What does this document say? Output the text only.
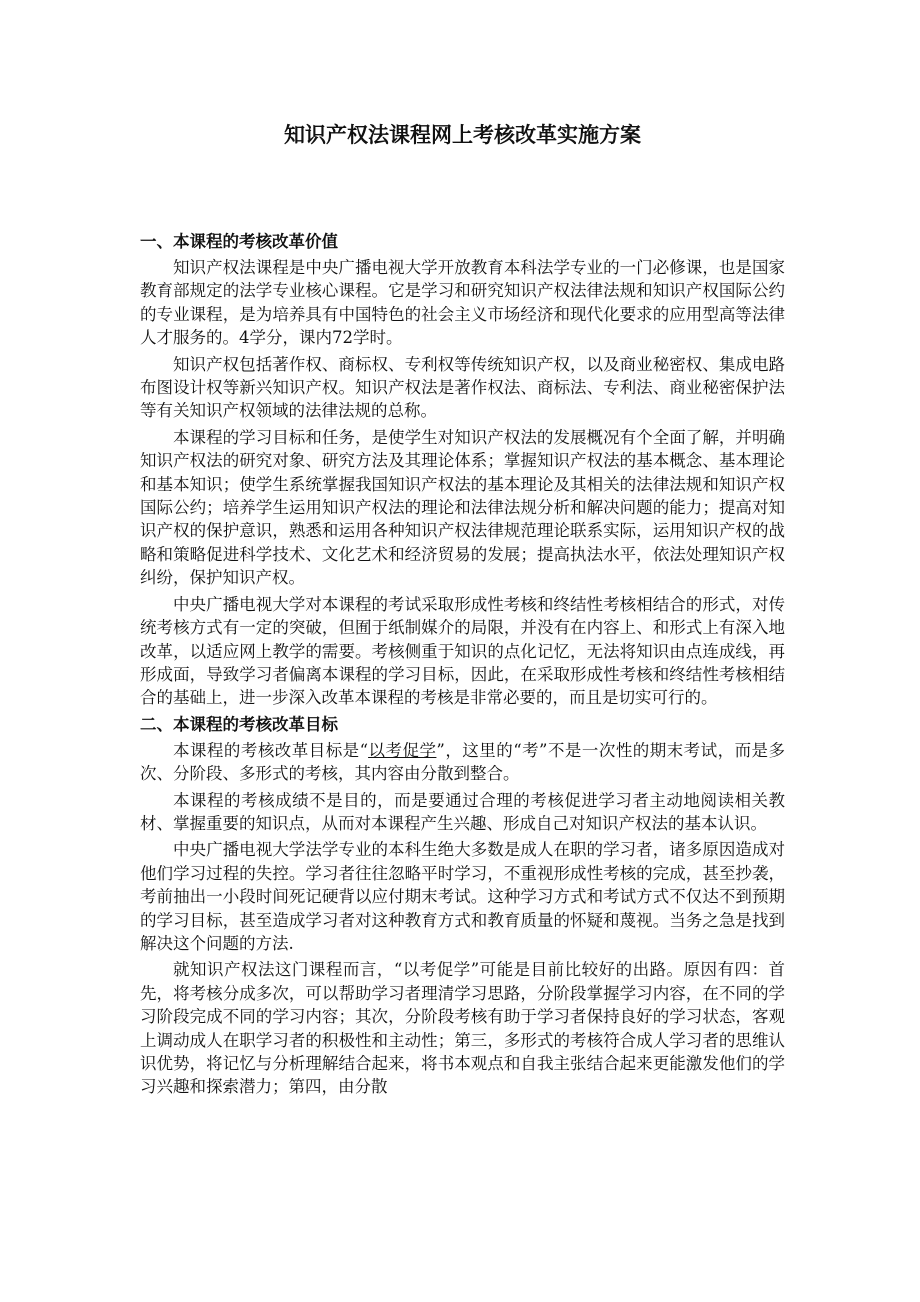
知识产权法课程网上考核改革实施方案
一、本课程的考核改革价值

知识产权法课程是中央广播电视大学开放教育本科法学专业的一门必修课，也是国家教育部规定的法学专业核心课程。它是学习和研究知识产权法律法规和知识产权国际公约的专业课程，是为培养具有中国特色的社会主义市场经济和现代化要求的应用型高等法律人才服务的。4学分，课内72学时。

知识产权包括著作权、商标权、专利权等传统知识产权，以及商业秘密权、集成电路布图设计权等新兴知识产权。知识产权法是著作权法、商标法、专利法、商业秘密保护法等有关知识产权领域的法律法规的总称。

本课程的学习目标和任务，是使学生对知识产权法的发展概况有个全面了解，并明确知识产权法的研究对象、研究方法及其理论体系；掌握知识产权法的基本概念、基本理论和基本知识；使学生系统掌握我国知识产权法的基本理论及其相关的法律法规和知识产权国际公约；培养学生运用知识产权法的理论和法律法规分析和解决问题的能力；提高对知识产权的保护意识，熟悉和运用各种知识产权法律规范理论联系实际，运用知识产权的战略和策略促进科学技术、文化艺术和经济贸易的发展；提高执法水平，依法处理知识产权纠纷，保护知识产权。

中央广播电视大学对本课程的考试采取形成性考核和终结性考核相结合的形式，对传统考核方式有一定的突破，但囿于纸制媒介的局限，并没有在内容上、和形式上有深入地改革，以适应网上教学的需要。考核侧重于知识的点化记忆，无法将知识由点连成线，再形成面，导致学习者偏离本课程的学习目标，因此，在采取形成性考核和终结性考核相结合的基础上，进一步深入改革本课程的考核是非常必要的，而且是切实可行的。

二、本课程的考核改革目标

本课程的考核改革目标是“以考促学”，这里的“考”不是一次性的期末考试，而是多次、分阶段、多形式的考核，其内容由分散到整合。

本课程的考核成绩不是目的，而是要通过合理的考核促进学习者主动地阅读相关教材、掌握重要的知识点，从而对本课程产生兴趣、形成自己对知识产权法的基本认识。

中央广播电视大学法学专业的本科生绝大多数是成人在职的学习者，诸多原因造成对他们学习过程的失控。学习者往往忽略平时学习，不重视形成性考核的完成，甚至抄袭，考前抽出一小段时间死记硬背以应付期末考试。这种学习方式和考试方式不仅达不到预期的学习目标，甚至造成学习者对这种教育方式和教育质量的怀疑和蔑视。当务之急是找到解决这个问题的方法.

就知识产权法这门课程而言，“以考促学”可能是目前比较好的出路。原因有四：首先，将考核分成多次，可以帮助学习者理清学习思路，分阶段掌握学习内容，在不同的学习阶段完成不同的学习内容；其次，分阶段考核有助于学习者保持良好的学习状态，客观上调动成人在职学习者的积极性和主动性；第三，多形式的考核符合成人学习者的思维认识优势，将记忆与分析理解结合起来，将书本观点和自我主张结合起来更能激发他们的学习兴趣和探索潜力；第四，由分散
